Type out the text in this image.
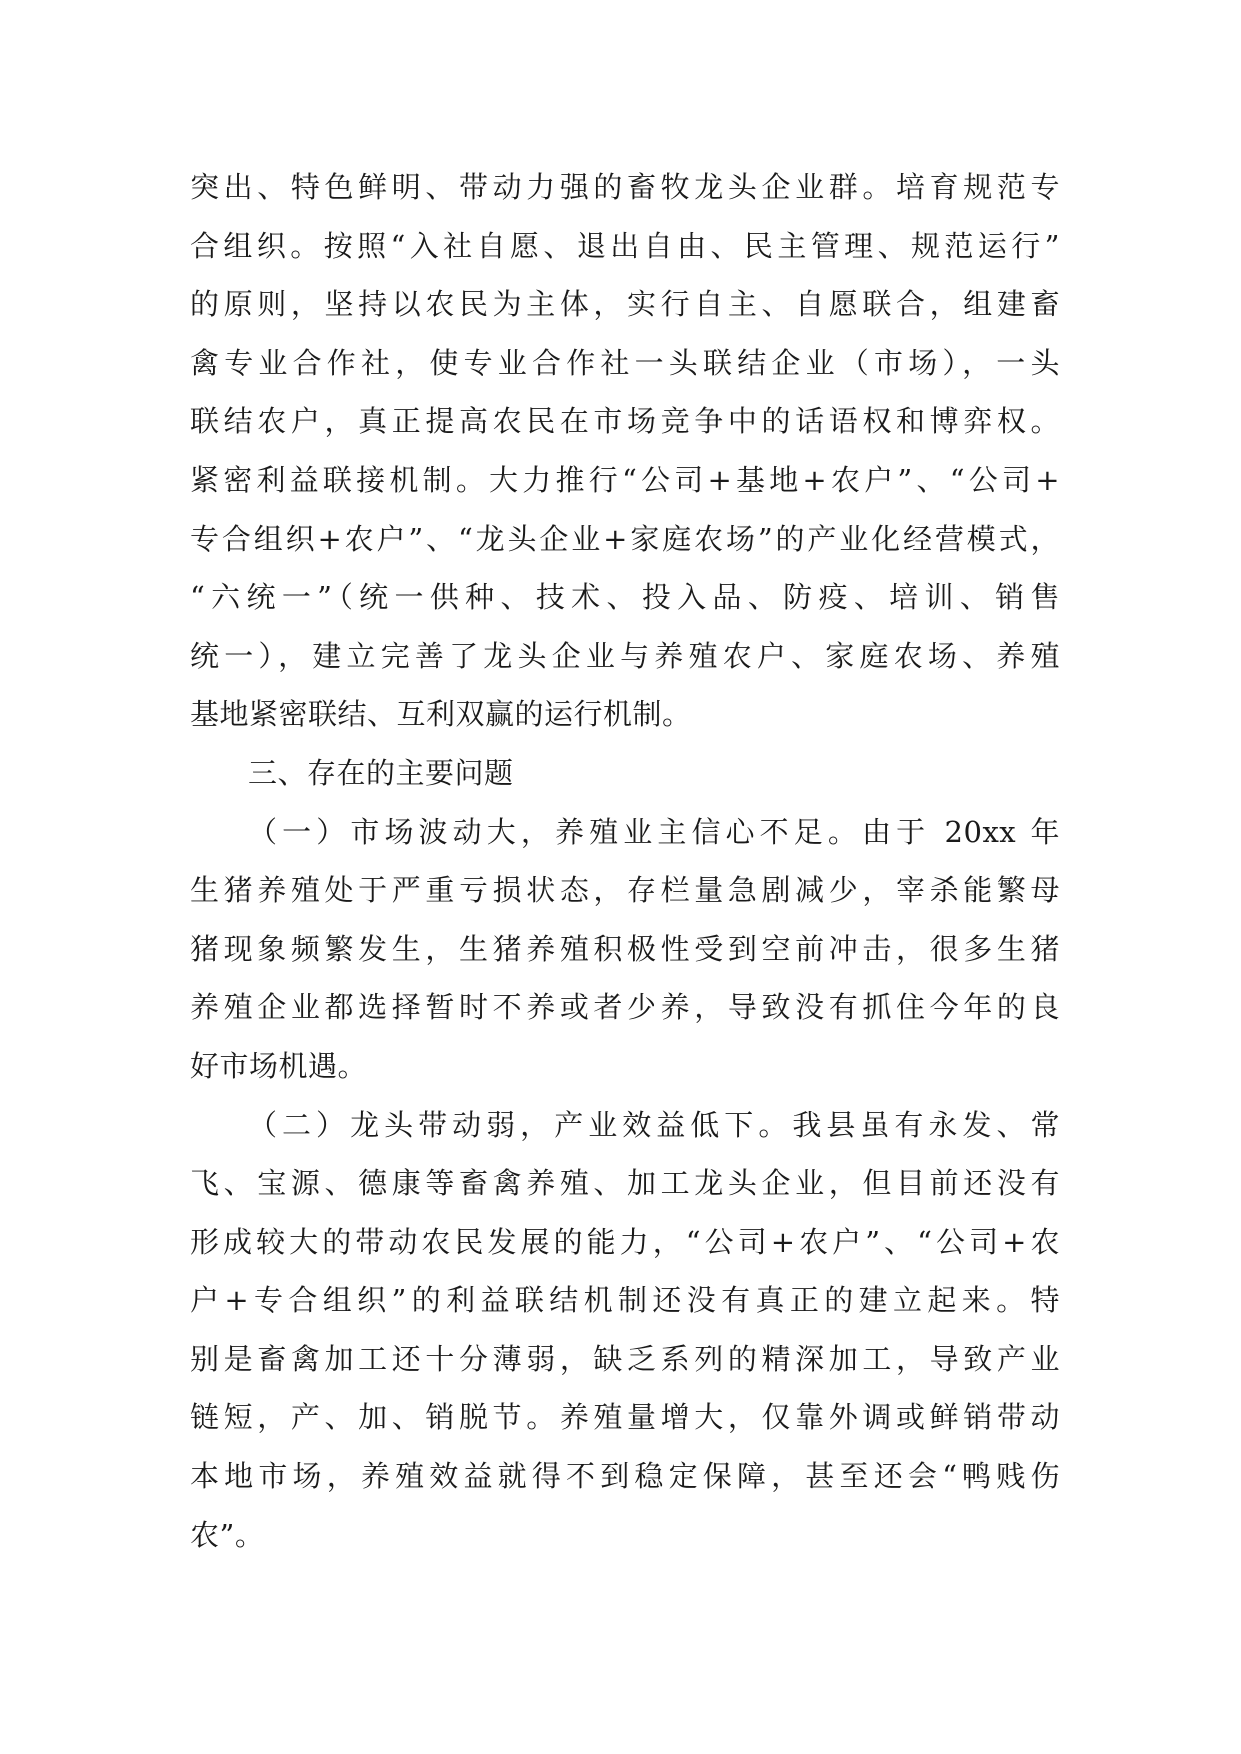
突出、特色鲜明、带动力强的畜牧龙头企业群。培育规范专
合组织。按照“入社自愿、退出自由、民主管理、规范运行”
的原则，坚持以农民为主体，实行自主、自愿联合，组建畜
禽专业合作社，使专业合作社一头联结企业（市场），一头
联结农户，真正提高农民在市场竞争中的话语权和博弈权。
紧密利益联接机制。大力推行“公司+基地+农户”、“公司+
专合组织+农户”、“龙头企业+家庭农场”的产业化经营模式，
“六统一”（统一供种、技术、投入品、防疫、培训、销售
统一），建立完善了龙头企业与养殖农户、家庭农场、养殖
基地紧密联结、互利双赢的运行机制。
三、存在的主要问题
（一）市场波动大，养殖业主信心不足。由于 20xx 年
生猪养殖处于严重亏损状态，存栏量急剧减少，宰杀能繁母
猪现象频繁发生，生猪养殖积极性受到空前冲击，很多生猪
养殖企业都选择暂时不养或者少养，导致没有抓住今年的良
好市场机遇。
（二）龙头带动弱，产业效益低下。我县虽有永发、常
飞、宝源、德康等畜禽养殖、加工龙头企业，但目前还没有
形成较大的带动农民发展的能力，“公司+农户”、“公司+农
户+专合组织”的利益联结机制还没有真正的建立起来。特
别是畜禽加工还十分薄弱，缺乏系列的精深加工，导致产业
链短，产、加、销脱节。养殖量增大，仅靠外调或鲜销带动
本地市场，养殖效益就得不到稳定保障，甚至还会“鸭贱伤
农”。
